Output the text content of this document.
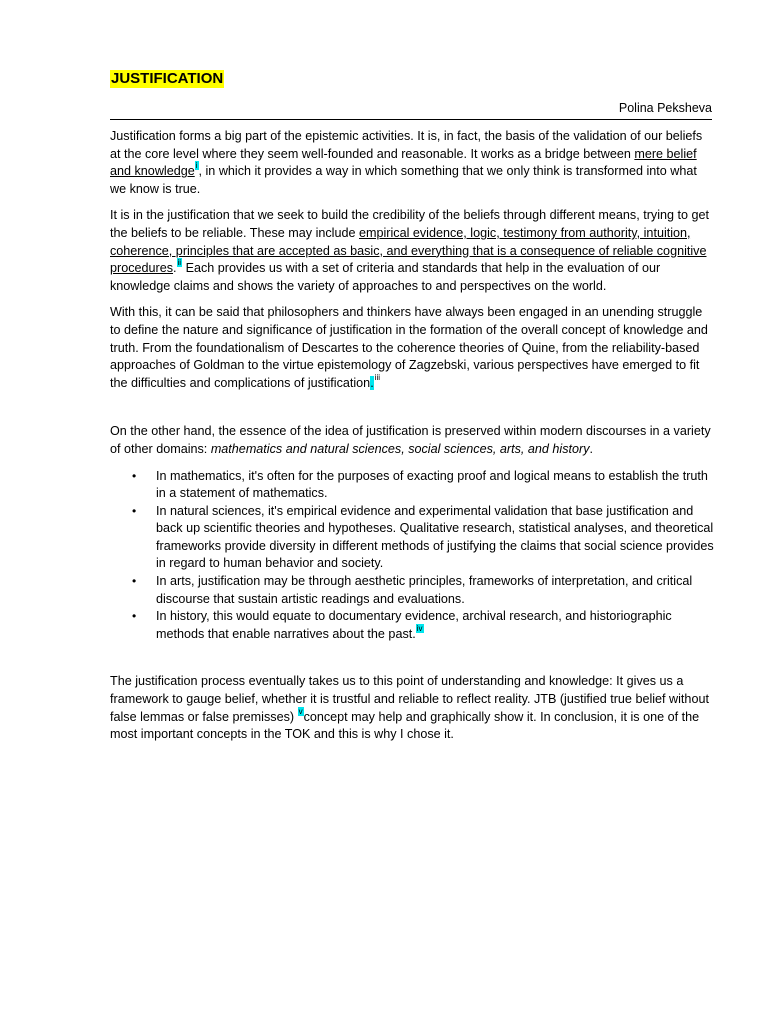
JUSTIFICATION
Polina Peksheva

Justification forms a big part of the epistemic activities. It is, in fact, the basis of the validation of our beliefs at the core level where they seem well-founded and reasonable. It works as a bridge between mere belief and knowledge$^i$, in which it provides a way in which something that we only think is transformed into what we know is true.

It is in the justification that we seek to build the credibility of the beliefs through different means, trying to get the beliefs to be reliable. These may include empirical evidence, logic, testimony from authority, intuition, coherence, principles that are accepted as basic, and everything that is a consequence of reliable cognitive procedures.$^{ii}$ Each provides us with a set of criteria and standards that help in the evaluation of our knowledge claims and shows the variety of approaches to and perspectives on the world.

With this, it can be said that philosophers and thinkers have always been engaged in an unending struggle to define the nature and significance of justification in the formation of the overall concept of knowledge and truth. From the foundationalism of Descartes to the coherence theories of Quine, from the reliability-based approaches of Goldman to the virtue epistemology of Zagzebski, various perspectives have emerged to fit the difficulties and complications of justification.$^{iii}$

On the other hand, the essence of the idea of justification is preserved within modern discourses in a variety of other domains: mathematics and natural sciences, social sciences, arts, and history.

• In mathematics, it's often for the purposes of exacting proof and logical means to establish the truth in a statement of mathematics.
• In natural sciences, it's empirical evidence and experimental validation that base justification and back up scientific theories and hypotheses. Qualitative research, statistical analyses, and theoretical frameworks provide diversity in different methods of justifying the claims that social science provides in regard to human behavior and society.
• In arts, justification may be through aesthetic principles, frameworks of interpretation, and critical discourse that sustain artistic readings and evaluations.
• In history, this would equate to documentary evidence, archival research, and historiographic methods that enable narratives about the past.$^{iv}$

The justification process eventually takes us to this point of understanding and knowledge: It gives us a framework to gauge belief, whether it is trustful and reliable to reflect reality. JTB (justified true belief without false lemmas or false premisses) $^v$concept may help and graphically show it. In conclusion, it is one of the most important concepts in the TOK and this is why I chose it.
